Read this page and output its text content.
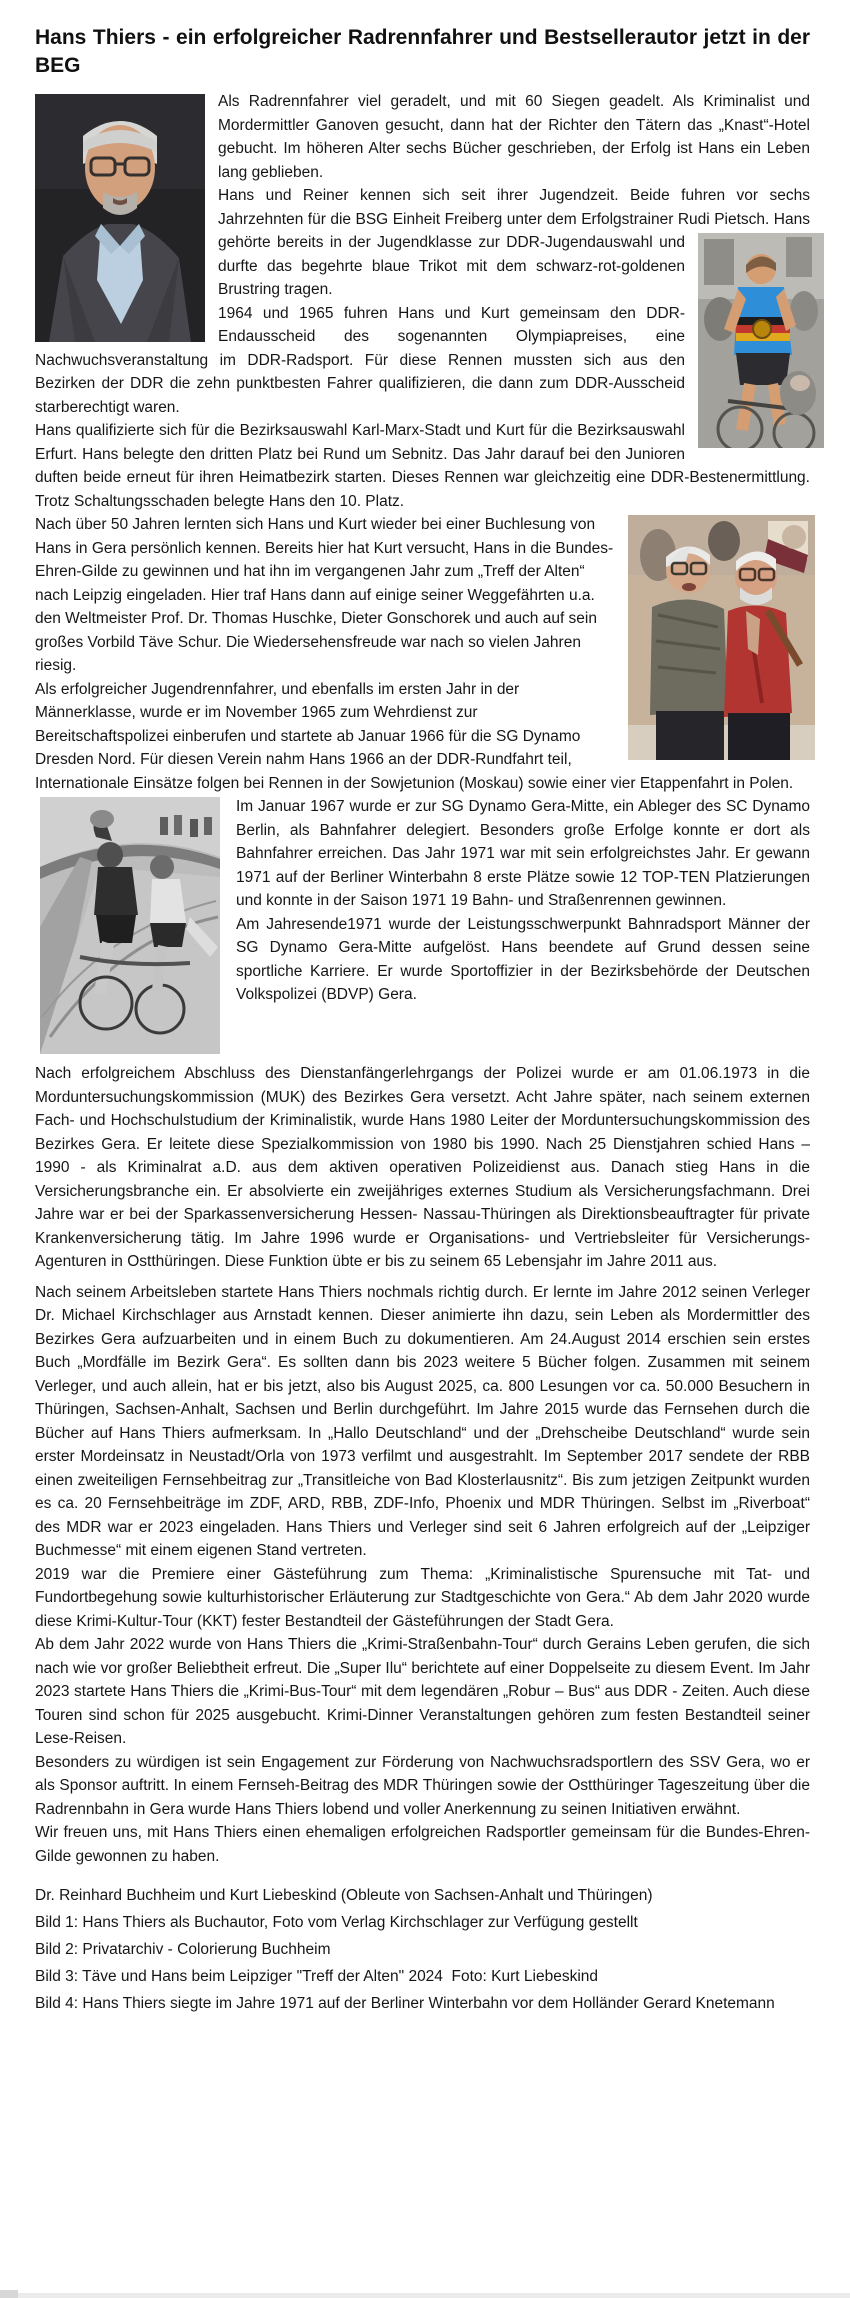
Hans Thiers - ein erfolgreicher Radrennfahrer und Bestsellerautor jetzt in der BEG

Als Radrennfahrer viel geradelt, und mit 60 Siegen geadelt. Als Kriminalist und Mordermittler Ganoven gesucht, dann hat der Richter den Tätern das „Knast“-Hotel gebucht. Im höheren Alter sechs Bücher geschrieben, der Erfolg ist Hans ein Leben lang geblieben.

Hans und Reiner kennen sich seit ihrer Jugendzeit. Beide fuhren vor sechs Jahrzehnten für die BSG Einheit Freiberg unter dem Erfolgstrainer Rudi
Pietsch. Hans gehörte bereits in der Jugendklasse zur DDR-Jugendauswahl und durfte das begehrte blaue Trikot mit dem schwarz-rot-goldenen Brustring tragen.

1964 und 1965 fuhren Hans und Kurt gemeinsam den DDR-Endausscheid des sogenannten Olympiapreises, eine Nachwuchsveranstaltung im DDR-Radsport. Für diese Rennen mussten sich aus den Bezirken der DDR die zehn punktbesten Fahrer qualifizieren, die dann zum DDR-Ausscheid starberechtigt waren.

Hans qualifizierte sich für die Bezirksauswahl Karl-Marx-Stadt und Kurt für die Bezirksauswahl Erfurt. Hans belegte den dritten Platz bei Rund um Sebnitz. Das Jahr darauf bei den Junioren duften beide erneut für ihren Heimatbezirk starten. Dieses Rennen war gleichzeitig eine DDR-Bestenermittlung. Trotz Schaltungsschaden belegte Hans den 10. Platz.

Nach über 50 Jahren lernten sich Hans und Kurt wieder bei einer Buchlesung von Hans in Gera persönlich kennen. Bereits hier hat Kurt versucht, Hans in die Bundes-Ehren-Gilde zu gewinnen und hat ihn im vergangenen Jahr zum „Treff der Alten“ nach Leipzig eingeladen. Hier traf Hans dann auf einige seiner Weggefährten u.a. den Weltmeister Prof. Dr. Thomas Huschke, Dieter Gonschorek und auch auf sein großes Vorbild Täve Schur. Die Wiedersehensfreude war nach so vielen Jahren riesig.

Als erfolgreicher Jugendrennfahrer, und ebenfalls im ersten Jahr in der Männerklasse, wurde er im November 1965 zum Wehrdienst zur Bereitschaftspolizei einberufen und startete ab Januar 1966 für die SG Dynamo Dresden Nord. Für diesen Verein nahm Hans 1966 an der DDR-Rundfahrt teil, Internationale Einsätze folgen bei Rennen in der Sowjetunion (Moskau) sowie einer vier Etappenfahrt in Polen.

Im Januar 1967 wurde er zur SG Dynamo Gera-Mitte, ein Ableger des SC Dynamo Berlin, als Bahnfahrer delegiert. Besonders große Erfolge konnte er dort als Bahnfahrer erreichen. Das Jahr 1971 war mit sein erfolgreichstes Jahr. Er gewann 1971 auf der Berliner Winterbahn 8 erste Plätze sowie 12 TOP-TEN Platzierungen und konnte in der Saison 1971 19 Bahn- und Straßenrennen gewinnen.

Am Jahresende1971 wurde der Leistungsschwerpunkt Bahnradsport Männer der SG Dynamo Gera-Mitte aufgelöst. Hans beendete auf Grund dessen seine sportliche Karriere. Er wurde Sportoffizier in der Bezirksbehörde der Deutschen Volkspolizei (BDVP) Gera.

Nach erfolgreichem Abschluss des Dienstanfängerlehrgangs der Polizei wurde er am 01.06.1973 in die Morduntersuchungskommission (MUK) des Bezirkes Gera versetzt. Acht Jahre später, nach seinem externen Fach- und Hochschulstudium der Kriminalistik, wurde Hans 1980 Leiter der Morduntersuchungskommission des Bezirkes Gera. Er leitete diese Spezialkommission von 1980 bis 1990. Nach 25 Dienstjahren schied Hans – 1990 - als Kriminalrat a.D. aus dem aktiven operativen Polizeidienst aus. Danach stieg Hans in die Versicherungsbranche ein. Er absolvierte ein zweijähriges externes Studium als Versicherungsfachmann. Drei Jahre war er bei der Sparkassenversicherung Hessen- Nassau-Thüringen als Direktionsbeauftragter für private Krankenversicherung tätig. Im Jahre 1996 wurde er Organisations- und Vertriebsleiter für Versicherungs-Agenturen in Ostthüringen. Diese Funktion übte er bis zu seinem 65 Lebensjahr im Jahre 2011 aus.

Nach seinem Arbeitsleben startete Hans Thiers nochmals richtig durch. Er lernte im Jahre 2012 seinen Verleger Dr. Michael Kirchschlager aus Arnstadt kennen. Dieser animierte ihn dazu, sein Leben als Mordermittler des Bezirkes Gera aufzuarbeiten und in einem Buch zu dokumentieren. Am 24.August 2014 erschien sein erstes Buch „Mordfälle im Bezirk Gera“. Es sollten dann bis 2023 weitere 5 Bücher folgen. Zusammen mit seinem Verleger, und auch allein, hat er bis jetzt, also bis August 2025, ca. 800 Lesungen vor ca. 50.000 Besuchern in Thüringen, Sachsen-Anhalt, Sachsen und Berlin durchgeführt. Im Jahre 2015 wurde das Fernsehen durch die Bücher auf Hans Thiers aufmerksam. In „Hallo Deutschland“ und der „Drehscheibe Deutschland“ wurde sein erster Mordeinsatz in Neustadt/Orla von 1973 verfilmt und ausgestrahlt. Im September 2017 sendete der RBB einen zweiteiligen Fernsehbeitrag zur „Transitleiche von Bad Klosterlausnitz“. Bis zum jetzigen Zeitpunkt wurden es ca. 20 Fernsehbeiträge im ZDF, ARD, RBB, ZDF-Info, Phoenix und MDR Thüringen. Selbst im „Riverboat“ des MDR war er 2023 eingeladen. Hans Thiers und Verleger sind seit 6 Jahren erfolgreich auf der „Leipziger Buchmesse“ mit einem eigenen Stand vertreten.

2019 war die Premiere einer Gästeführung zum Thema: „Kriminalistische Spurensuche mit Tat- und Fundortbegehung sowie kulturhistorischer Erläuterung zur Stadtgeschichte von Gera.“ Ab dem Jahr 2020 wurde diese Krimi-Kultur-Tour (KKT) fester Bestandteil der Gästeführungen der Stadt Gera.

Ab dem Jahr 2022 wurde von Hans Thiers die „Krimi-Straßenbahn-Tour“ durch Gerains Leben gerufen, die sich nach wie vor großer Beliebtheit erfreut. Die „Super Ilu“ berichtete auf einer Doppelseite zu diesem Event. Im Jahr 2023 startete Hans Thiers die „Krimi-Bus-Tour“ mit dem legendären „Robur – Bus“ aus DDR - Zeiten. Auch diese Touren sind schon für 2025 ausgebucht. Krimi-Dinner Veranstaltungen gehören zum festen Bestandteil seiner Lese-Reisen.

Besonders zu würdigen ist sein Engagement zur Förderung von Nachwuchsradsportlern des SSV Gera, wo er als Sponsor auftritt. In einem Fernseh-Beitrag des MDR Thüringen sowie der Ostthüringer Tageszeitung über die Radrennbahn in Gera wurde Hans Thiers lobend und voller Anerkennung zu seinen Initiativen erwähnt.

Wir freuen uns, mit Hans Thiers einen ehemaligen erfolgreichen Radsportler gemeinsam für die Bundes-Ehren-Gilde gewonnen zu haben.

Dr. Reinhard Buchheim und Kurt Liebeskind (Obleute von Sachsen-Anhalt und Thüringen)
Bild 1: Hans Thiers als Buchautor, Foto vom Verlag Kirchschlager zur Verfügung gestellt
Bild 2: Privatarchiv - Colorierung Buchheim
Bild 3: Täve und Hans beim Leipziger "Treff der Alten" 2024  Foto: Kurt Liebeskind
Bild 4: Hans Thiers siegte im Jahre 1971 auf der Berliner Winterbahn vor dem Holländer Gerard Knetemann
